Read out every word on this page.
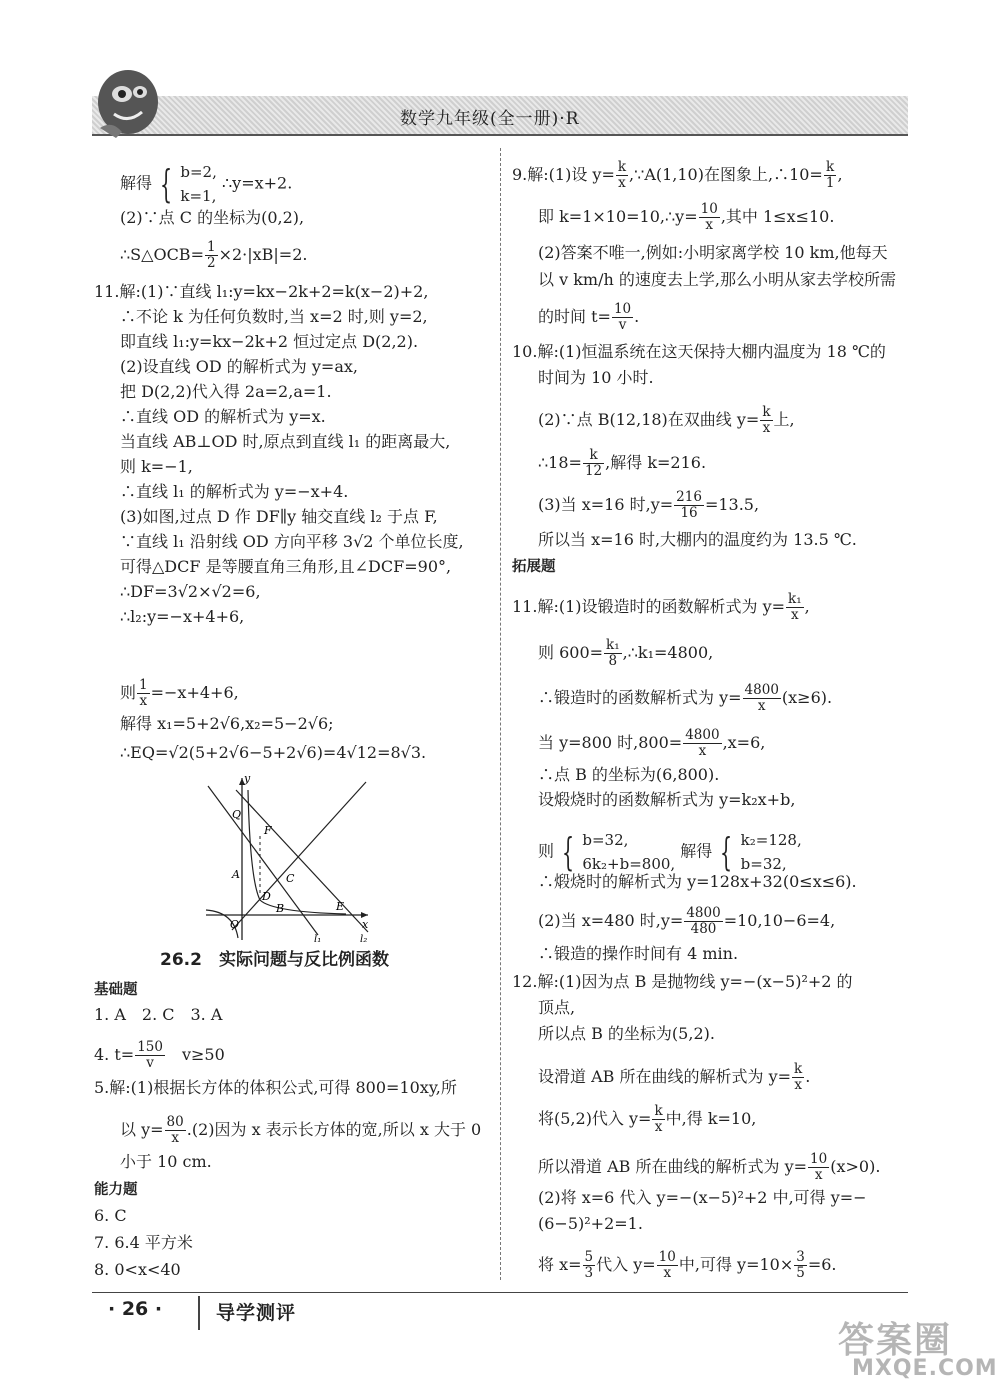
数学九年级(全一册)·R
解得 { b=2,
k=1,
∴y=x+2.
(2)∵点 C 的坐标为(0,2),
∴S△OCB= $\frac{1}{2} \times 2\cdot|xB|=2$.
11.解:(1)∵直线 l₁:y=kx−2k+2=k(x−2)+2,
∴不论 k 为任何负数时,当 x=2 时,则 y=2,
即直线 l₁:y=kx−2k+2 恒过定点 D(2,2).
(2)设直线 OD 的解析式为 y=ax,
把 D(2,2)代入得 2a=2,a=1.
∴直线 OD 的解析式为 y=x.
当直线 AB⊥OD 时,原点到直线 l₁ 的距离最大,
则 k=−1,
∴直线 l₁ 的解析式为 y=−x+4.
(3)如图,过点 D 作 DF∥y 轴交直线 l₂ 于点 F,
∵直线 l₁ 沿射线 OD 方向平移 3√2 个单位长度,
可得△DCF 是等腰直角三角形,且∠DCF=90°,
∴DF=3√2×√2=6,
∴l₂:y=−x+4+6,
则 $\frac{1}{x} =-x+4+6$,
解得 x₁=5+2√6,x₂=5−2√6;
∴EQ=√2(5+2√6−5+2√6)=4√12=8√3.
y
x
Q
F
A	C
D
B	E
O
l₁	l₂
26.2　实际问题与反比例函数
基础题
1. A　2. C　3. A
4. $t= \frac{150}{v}$ 　v≥50
5.解:(1)根据长方体的体积公式,可得 800=10xy,所
以 $y= \frac{80}{x} .(2)$因为 x 表示长方体的宽,所以 x 大于 0
小于 10 cm.
能力题
6. C
7. 6.4 平方米
8. 0<x<40
9.解:(1)设 $y= \frac{k}{x}$ ,∵A(1,10)在图象上,∴10= $\frac{k}{1}$ ,
即 k=1×10=10,∴y= $\frac{10}{x}$ ,其中 1≤x≤10.
(2)答案不唯一,例如:小明家离学校 10 km,他每天
以 v km/h 的速度去上学,那么小明从家去学校所需
的时间 $t= \frac{10}{v}$ .
10.解:(1)恒温系统在这天保持大棚内温度为 18 ℃的
时间为 10 小时.
(2)∵点 B(12,18)在双曲线 $y= \frac{k}{x}$ 上,
∴18= $\frac{k}{12}$ ,解得 k=216.
(3)当 x=16 时$,y= \frac{216}{16} =13.5$,
所以当 x=16 时,大棚内的温度约为 13.5 ℃.
拓展题
11.解:(1)设锻造时的函数解析式为 $y= \frac{\text{k₁}}{x}$ ,
则 $600= \frac{\text{k₁}}{8}$ ,∴k₁=4800,
∴锻造时的函数解析式为 $y= \frac{4800}{x} (x\ge 6)$.
当 y=800 时$,800= \frac{4800}{x} ,x=6$,
∴点 B 的坐标为(6,800).
设煅烧时的函数解析式为 y=k₂x+b,
则 { b=32,
6k₂+b=800,
解得 { k₂=128,
b=32,
∴煅烧时的解析式为 y=128x+32(0≤x≤6).
(2)当 x=480 时$,y= \frac{4800}{480} =10,10-6=4$,
∴锻造的操作时间有 4 min.
12.解:(1)因为点 B 是抛物线 y=−(x−5)²+2 的
顶点,
所以点 B 的坐标为(5,2).
设滑道 AB 所在曲线的解析式为 $y= \frac{k}{x}$ .
将(5,2)代入 $y= \frac{k}{x}$ 中,得 k=10,
所以滑道 AB 所在曲线的解析式为 $y= \frac{10}{x} (x>0)$.
(2)将 x=6 代入 y=−(x−5)²+2 中,可得 y=−
(6−5)²+2=1.
将 $x= \frac{5}{3}$ 代入 $y= \frac{10}{x}$ 中,可得 $y=10\times \frac{3}{5} =6$.
· 26 ·	导学测评
答案圈
MXQE.COM
